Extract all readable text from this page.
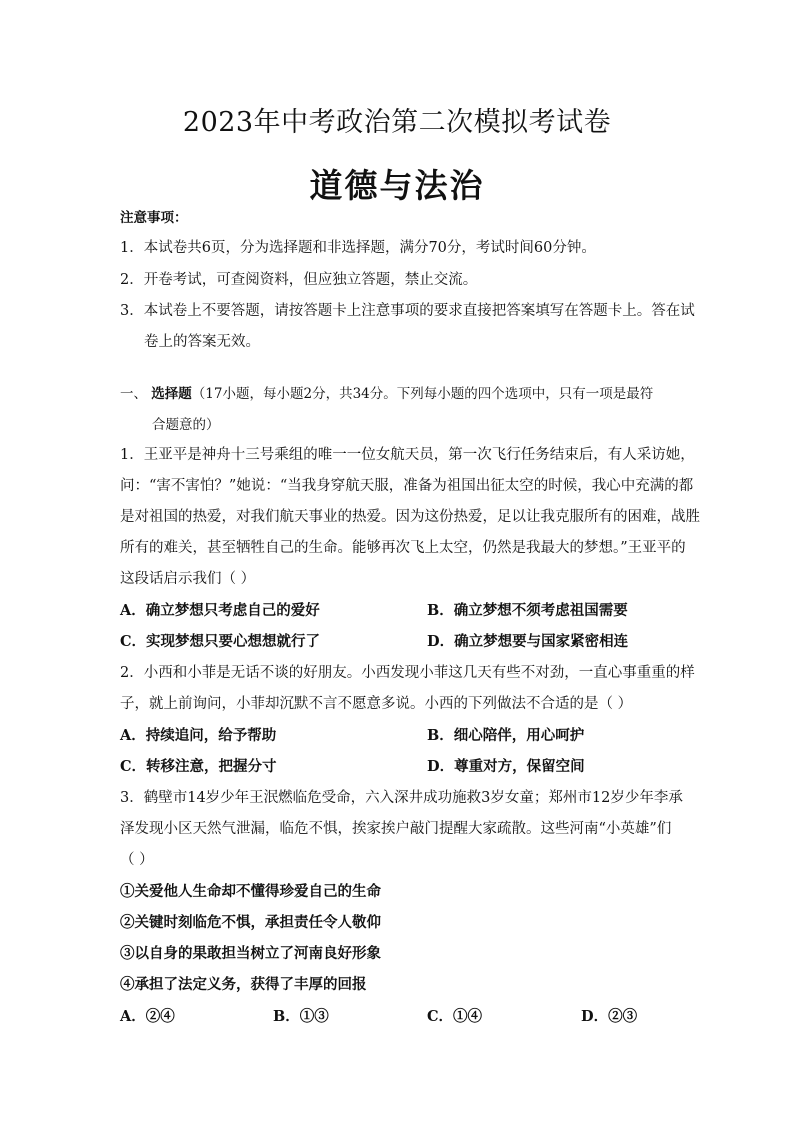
2023年中考政治第二次模拟考试卷
道德与法治
注意事项：
1．本试卷共6页，分为选择题和非选择题，满分70分，考试时间60分钟。
2．开卷考试，可查阅资料，但应独立答题，禁止交流。
3．本试卷上不要答题，请按答题卡上注意事项的要求直接把答案填写在答题卡上。答在试
卷上的答案无效。
一、 选择题（17小题，每小题2分，共34分。下列每小题的四个选项中，只有一项是最符
合题意的）
1．王亚平是神舟十三号乘组的唯一一位女航天员，第一次飞行任务结束后，有人采访她，
问：“害不害怕？”她说：“当我身穿航天服，准备为祖国出征太空的时候，我心中充满的都
是对祖国的热爱，对我们航天事业的热爱。因为这份热爱，足以让我克服所有的困难，战胜
所有的难关，甚至牺牲自己的生命。能够再次飞上太空，仍然是我最大的梦想。”王亚平的
这段话启示我们（ ）
A．确立梦想只考虑自己的爱好	B．确立梦想不须考虑祖国需要
C．实现梦想只要心想想就行了	D．确立梦想要与国家紧密相连
2．小西和小菲是无话不谈的好朋友。小西发现小菲这几天有些不对劲，一直心事重重的样
子，就上前询问，小菲却沉默不言不愿意多说。小西的下列做法不合适的是（ ）
A．持续追问，给予帮助	B．细心陪伴，用心呵护
C．转移注意，把握分寸	D．尊重对方，保留空间
3．鹤壁市14岁少年王泯燃临危受命，六入深井成功施救3岁女童；郑州市12岁少年李承
泽发现小区天然气泄漏，临危不惧，挨家挨户敲门提醒大家疏散。这些河南“小英雄”们
（ ）
①关爱他人生命却不懂得珍爱自己的生命
②关键时刻临危不惧，承担责任令人敬仰
③以自身的果敢担当树立了河南良好形象
④承担了法定义务，获得了丰厚的回报
A．②④	B．①③	C．①④	D．②③
